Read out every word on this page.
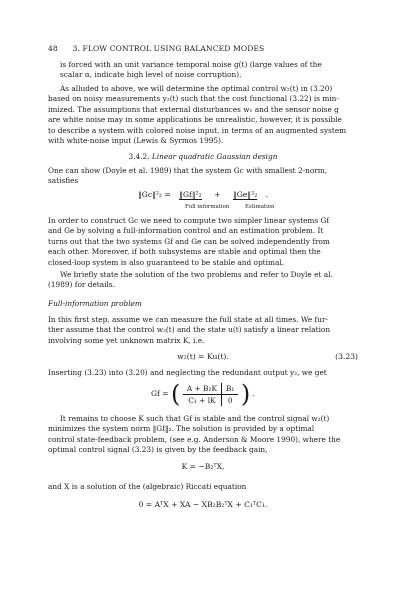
48 3. FLOW CONTROL USING BALANCED MODES
is forced with an unit variance temporal noise g(t) (large values of the
scalar α, indicate high level of noise corruption).
As alluded to above, we will determine the optimal control w₂(t) in (3.20)
based on noisy measurements y₂(t) such that the cost functional (3.22) is min-
imized. The assumptions that external disturbances w₁ and the sensor noise g
are white noise may in some applications be unrealistic, however, it is possible
to describe a system with colored noise input, in terms of an augmented system
with white-noise input (Lewis & Syrmos 1995).
3.4.2. Linear quadratic Gaussian design
One can show (Doyle et al. 1989) that the system Gc with smallest 2-norm,
satisfies
‖Gc‖²₂ = ‖Gf‖²₂ + ‖Ge‖²₂ .
Full information	Estimation
In order to construct Gc we need to compute two simpler linear systems Gf
and Ge by solving a full-information control and an estimation problem. It
turns out that the two systems Gf and Ge can be solved independently from
each other. Moreover, if both subsystems are stable and optimal then the
closed-loop system is also guaranteed to be stable and optimal.
We briefly state the solution of the two problems and refer to Doyle et al.
(1989) for details.
Full-information problem
In this first step, assume we can measure the full state at all times. We fur-
ther assume that the control w₂(t) and the state u(t) satisfy a linear relation
involving some yet unknown matrix K, i.e.
w₂(t) = Ku(t).	(3.23)
Inserting (3.23) into (3.20) and neglecting the redundant output y₂, we get
Gf = ( A + B₂K	B₁
C₁ + lK	0 ) .
It remains to choose K such that Gf is stable and the control signal w₂(t)
minimizes the system norm ‖Gf‖₂. The solution is provided by a optimal
control state-feedback problem, (see e.g. Anderson & Moore 1990), where the
optimal control signal (3.23) is given by the feedback gain,
K = −B₂ᵀX,
and X is a solution of the (algebraic) Riccati equation
0 = AᵀX + XA − XB₂B₂ᵀX + C₁ᵀC₁.
